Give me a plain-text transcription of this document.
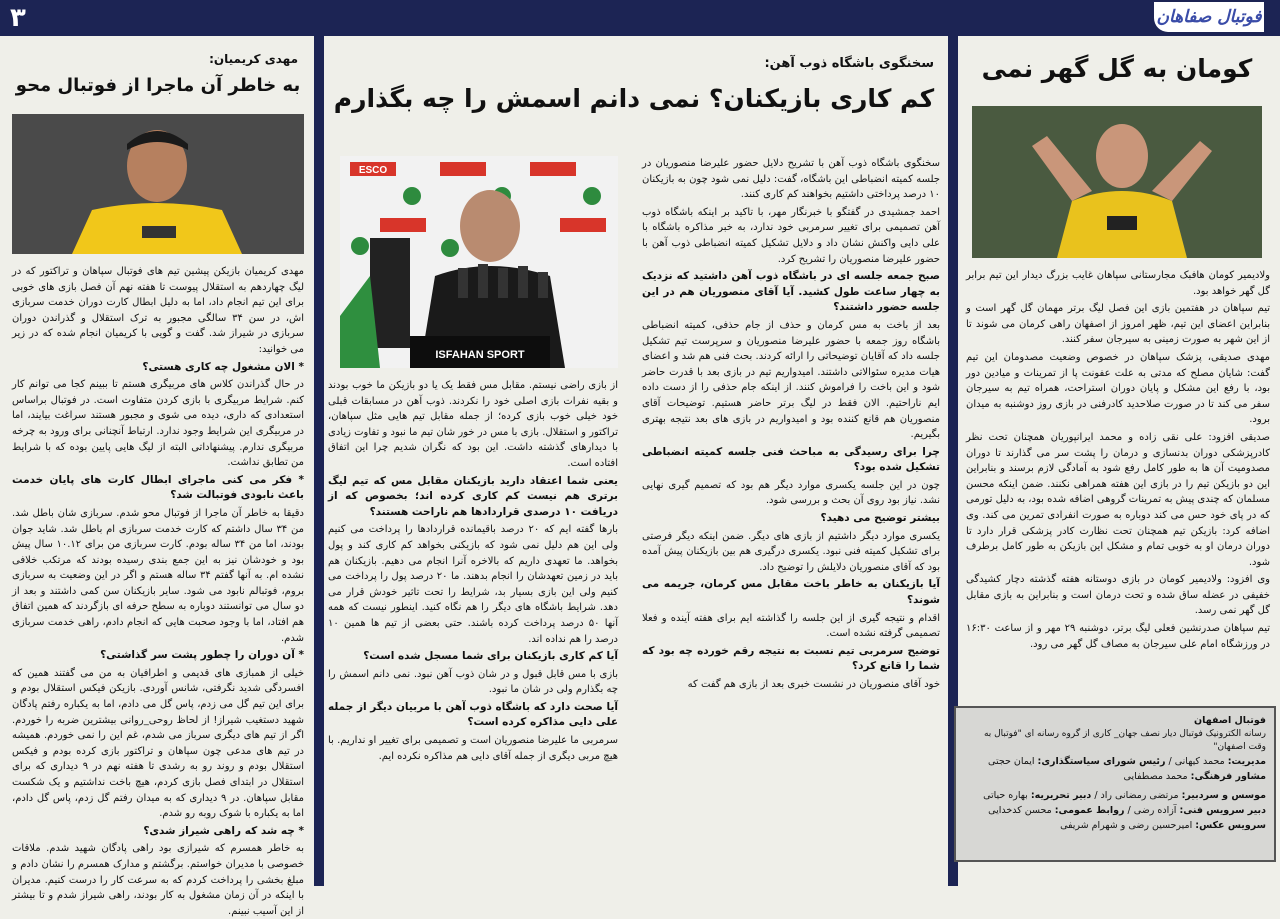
فوتبال صفاهان
۳
کومان به گل گهر نمی

ولادیمیر کومان هافبک مجارستانی سپاهان غایب بزرگ دیدار این تیم برابر گل گهر خواهد بود.

تیم سپاهان در هفتمین بازی این فصل لیگ برتر مهمان گل گهر است و بنابراین اعضای این تیم، ظهر امروز از اصفهان راهی کرمان می شوند تا از این شهر به صورت زمینی به سیرجان سفر کنند.

مهدی صدیقی، پزشک سپاهان در خصوص وضعیت مصدومان این تیم گفت: شایان مصلح که مدتی به علت عفونت پا از تمرینات و میادین دور بود، با رفع این مشکل و پایان دوران استراحت، همراه تیم به سیرجان سفر می کند تا در صورت صلاحدید کادرفنی در بازی روز دوشنبه به میدان برود.

صدیقی افزود: علی نقی زاده و محمد ایرانپوریان همچنان تحت نظر کادرپزشکی دوران بدنسازی و درمان را پشت سر می گذارند تا دوران مصدومیت آن ها به طور کامل رفع شود به آمادگی لازم برسند و بنابراین این دو بازیکن تیم را در بازی این هفته همراهی نکنند. ضمن اینکه محسن مسلمان که چندی پیش به تمرینات گروهی اضافه شده بود، به دلیل تورمی که در پای خود حس می کند دوباره به صورت انفرادی تمرین می کند. وی اضافه کرد: بازیکن تیم همچنان تحت نظارت کادر پزشکی قرار دارد تا دوران درمان او به خوبی تمام و مشکل این بازیکن به طور کامل برطرف شود.

وی افزود: ولادیمیر کومان در بازی دوستانه هفته گذشته دچار کشیدگی خفیفی در عضله ساق شده و تحت درمان است و بنابراین به بازی مقابل گل گهر نمی رسد.

تیم سپاهان صدرنشین فعلی لیگ برتر، دوشنبه ۲۹ مهر و از ساعت ۱۶:۳۰ در ورزشگاه امام علی سیرجان به مصاف گل گهر می رود.

فوتبال اصفهان
رسانه الکترونیک فوتبال دیار نصف جهان_ کاری از گروه رسانه ای "فوتبال به وقت اصفهان"
مدیریت: محمد کیهانی / رئیس شورای سیاستگذاری: ایمان حجتی
مشاور فرهنگی: محمد مصطفایی
موسس و سردبیر: مرتضی رمضانی راد / دبیر تحریریه: بهاره حیاتی
دبیر سرویس فنی: آزاده رضی / روابط عمومی: محسن کدخدایی
سرویس عکس: امیرحسین رضی و شهرام شریفی
سخنگوی باشگاه ذوب آهن:
کم کاری بازیکنان؟ نمی دانم اسمش را چه بگذارم

سخنگوی باشگاه ذوب آهن با تشریح دلایل حضور علیرضا منصوریان در جلسه کمیته انضباطی این باشگاه، گفت: دلیل نمی شود چون به بازیکنان ۱۰ درصد پرداختی داشتیم بخواهند کم کاری کنند.

احمد جمشیدی در گفتگو با خبرنگار مهر، با تاکید بر اینکه باشگاه ذوب آهن تصمیمی برای تغییر سرمربی خود ندارد، به خبر مذاکره باشگاه با علی دایی واکنش نشان داد و دلایل تشکیل کمیته انضباطی ذوب آهن با حضور علیرضا منصوریان را تشریح کرد.

صبح جمعه جلسه ای در باشگاه ذوب آهن داشتید که نزدیک به چهار ساعت طول کشید. آیا آقای منصوریان هم در این جلسه حضور داشتند؟

بعد از باخت به مس کرمان و حذف از جام حذفی، کمیته انضباطی باشگاه روز جمعه با حضور علیرضا منصوریان و سرپرست تیم تشکیل جلسه داد که آقایان توضیحاتی را ارائه کردند. بحث فنی هم شد و اعضای هیات مدیره سئوالاتی داشتند. امیدواریم تیم در بازی بعد با قدرت حاضر شود و این باخت را فراموش کنند. از اینکه جام حذفی را از دست داده ایم ناراحتیم. الان فقط در لیگ برتر حاضر هستیم. توضیحات آقای منصوریان هم قانع کننده بود و امیدواریم در بازی های بعد نتیجه بهتری بگیریم.

چرا برای رسیدگی به مباحث فنی جلسه کمیته انضباطی تشکیل شده بود؟

چون در این جلسه یکسری موارد دیگر هم بود که تصمیم گیری نهایی نشد. نیاز بود روی آن بحث و بررسی شود.

بیشتر توضیح می دهید؟

یکسری موارد دیگر داشتیم از بازی های دیگر. ضمن اینکه دیگر فرصتی برای تشکیل کمیته فنی نبود. یکسری درگیری هم بین بازیکنان پیش آمده بود که آقای منصوریان دلایلش را توضیح داد.

آیا بازیکنان به خاطر باخت مقابل مس کرمان، جریمه می شوند؟

اقدام و نتیجه گیری از این جلسه را گذاشته ایم برای هفته آینده و فعلا تصمیمی گرفته نشده است.

توضیح سرمربی تیم نسبت به نتیجه رقم خورده چه بود که شما را قانع کرد؟

خود آقای منصوریان در نشست خبری بعد از بازی هم گفت که

ISFAHAN SPORT
ESCO

از بازی راضی نیستم. مقابل مس فقط یک یا دو بازیکن ما خوب بودند و بقیه نفرات بازی اصلی خود را نکردند. ذوب آهن در مسابقات قبلی خود خیلی خوب بازی کرده؛ از جمله مقابل تیم هایی مثل سپاهان، تراکتور و استقلال. بازی با مس در خور شان تیم ما نبود و تفاوت زیادی با دیدارهای گذشته داشت. این بود که نگران شدیم چرا این اتفاق افتاده است.

یعنی شما اعتقاد دارید بازیکنان مقابل مس که تیم لیگ برتری هم نیست کم کاری کرده اند؛ بخصوص که از دریافت ۱۰ درصدی قراردادها هم ناراحت هستند؟

بارها گفته ایم که ۲۰ درصد باقیمانده قراردادها را پرداخت می کنیم ولی این هم دلیل نمی شود که بازیکنی بخواهد کم کاری کند و پول بخواهد. ما تعهدی داریم که بالاخره آنرا انجام می دهیم. بازیکنان هم باید در زمین تعهدشان را انجام بدهند. ما ۲۰ درصد پول را پرداخت می کنیم ولی این بازی بسیار بد، شرایط را تحت تاثیر خودش قرار می دهد. شرایط باشگاه های دیگر را هم نگاه کنید. اینطور نیست که همه آنها ۵۰ درصد پرداخت کرده باشند. حتی بعضی از تیم ها همین ۱۰ درصد را هم نداده اند.

آیا کم کاری بازیکنان برای شما مسجل شده است؟

بازی با مس قابل قبول و در شان ذوب آهن نبود. نمی دانم اسمش را چه بگذارم ولی در شان ما نبود.

آیا صحت دارد که باشگاه ذوب آهن با مربیان دیگر از جمله علی دایی مذاکره کرده است؟

سرمربی ما علیرضا منصوریان است و تصمیمی برای تغییر او نداریم. با هیچ مربی دیگری از جمله آقای دایی هم مذاکره نکرده ایم.

مهدی کریمیان:
به خاطر آن ماجرا از فوتبال محو

مهدی کریمیان بازیکن پیشین تیم های فوتبال سپاهان و تراکتور که در لیگ چهاردهم به استقلال پیوست تا هفته نهم آن فصل بازی های خوبی برای این تیم انجام داد، اما به دلیل ابطال کارت دوران خدمت سربازی اش، در سن ۳۴ سالگی مجبور به ترک استقلال و گذراندن دوران سربازی در شیراز شد. گفت و گویی با کریمیان انجام شده که در زیر می خوانید:

* الان مشغول چه کاری هستی؟

در حال گذراندن کلاس های مربیگری هستم تا ببینم کجا می توانم کار کنم. شرایط مربیگری با بازی کردن متفاوت است. در فوتبال براساس استعدادی که داری، دیده می شوی و مجبور هستند سراغت بیایند، اما در مربیگری این شرایط وجود ندارد. ارتباط آنچنانی برای ورود به چرخه مربیگری ندارم. پیشنهاداتی البته از لیگ هایی پایین بوده که با شرایط من تطابق نداشت.

* فکر می کنی ماجرای ابطال کارت های پایان خدمت باعث نابودی فوتبالت شد؟

دقیقا به خاطر آن ماجرا از فوتبال محو شدم. سربازی شان باطل شد. من ۳۴ سال داشتم که کارت خدمت سربازی ام باطل شد. شاید جوان بودند، اما من ۳۴ ساله بودم. کارت سربازی من برای ۱۰.۱۲ سال پیش بود و خودشان نیز به این جمع بندی رسیده بودند که مرتکب خلافی نشده ام. به آنها گفتم ۳۴ ساله هستم و اگر در این وضعیت به سربازی بروم، فوتبالم نابود می شود. سایر بازیکنان سن کمی داشتند و بعد از دو سال می توانستند دوباره به سطح حرفه ای بازگردند که همین اتفاق هم افتاد، اما با وجود صحبت هایی که انجام دادم، راهی خدمت سربازی شدم.

* آن دوران را چطور پشت سر گذاشتی؟

خیلی از همبازی های قدیمی و اطرافیان به من می گفتند همین که افسردگی شدید نگرفتی، شانس آوردی. بازیکن فیکس استقلال بودم و برای این تیم گل می زدم، پاس گل می دادم، اما به یکباره رفتم پادگان شهید دستغیب شیراز! از لحاظ روحی_روانی بیشترین ضربه را خوردم. اگر از تیم های دیگری سرباز می شدم، غم این را نمی خوردم. همیشه در تیم های مدعی چون سپاهان و تراکتور بازی کرده بودم و فیکس استقلال بودم و روند رو به رشدی تا هفته نهم در ۹ دیداری که برای استقلال در ابتدای فصل بازی کردم، هیچ باخت نداشتیم و یک شکست مقابل سپاهان. در ۹ دیداری که به میدان رفتم گل زدم، پاس گل دادم، اما به یکباره با شوک روبه رو شدم.

* چه شد که راهی شیراز شدی؟

به خاطر همسرم که شیرازی بود راهی پادگان شهید شدم. ملاقات خصوصی با مدیران خواستم. برگشتم و مدارک همسرم را نشان دادم و مبلغ بخشی را پرداخت کردم که به سرعت کار را درست کنیم. مدیران با اینکه در آن زمان مشغول به کار بودند، راهی شیراز شدم و تا بیشتر از این آسیب نبینم.
